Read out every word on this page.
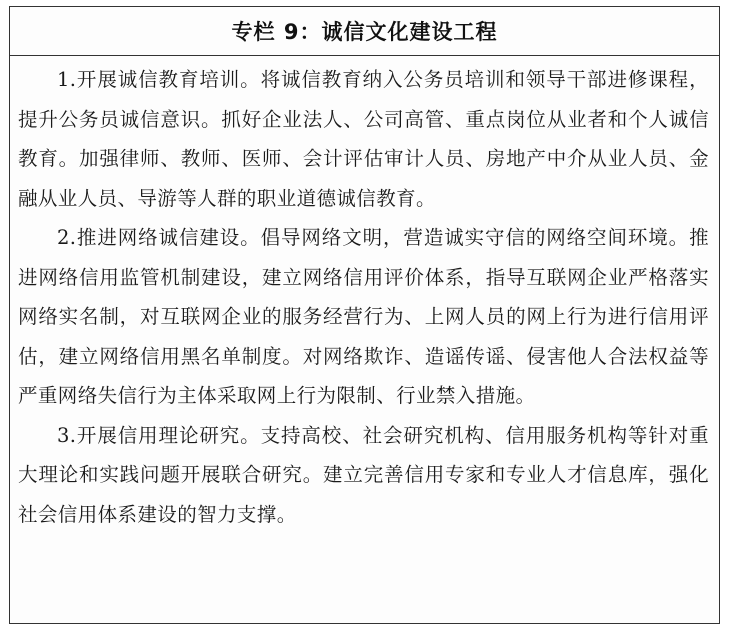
专栏 9：诚信文化建设工程

1.开展诚信教育培训。将诚信教育纳入公务员培训和领导干部进修课程，提升公务员诚信意识。抓好企业法人、公司高管、重点岗位从业者和个人诚信教育。加强律师、教师、医师、会计评估审计人员、房地产中介从业人员、金融从业人员、导游等人群的职业道德诚信教育。

2.推进网络诚信建设。倡导网络文明，营造诚实守信的网络空间环境。推进网络信用监管机制建设，建立网络信用评价体系，指导互联网企业严格落实网络实名制，对互联网企业的服务经营行为、上网人员的网上行为进行信用评估，建立网络信用黑名单制度。对网络欺诈、造谣传谣、侵害他人合法权益等严重网络失信行为主体采取网上行为限制、行业禁入措施。

3.开展信用理论研究。支持高校、社会研究机构、信用服务机构等针对重大理论和实践问题开展联合研究。建立完善信用专家和专业人才信息库，强化社会信用体系建设的智力支撑。
